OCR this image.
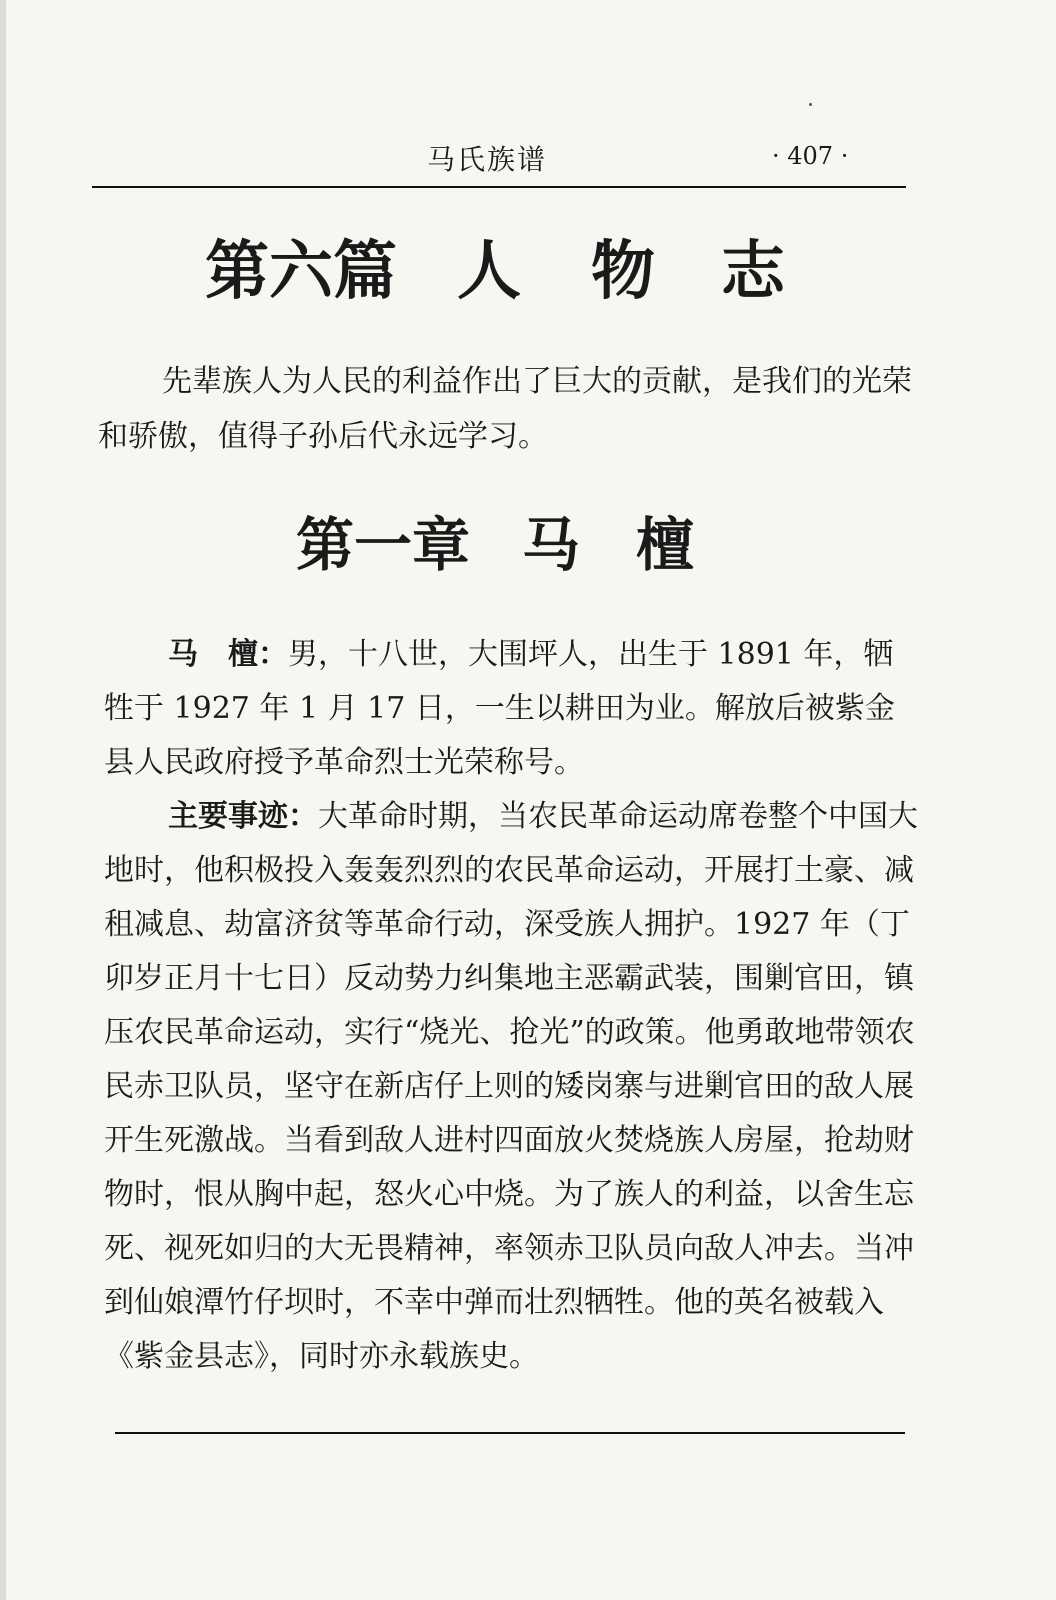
马氏族谱	· 407 ·
第六篇 人 物 志
先辈族人为人民的利益作出了巨大的贡献，是我们的光荣和骄傲，值得子孙后代永远学习。
第一章 马 檀
马　檀：男，十八世，大围坪人，出生于 1891 年，牺牲于 1927 年 1 月 17 日，一生以耕田为业。解放后被紫金县人民政府授予革命烈士光荣称号。
主要事迹：大革命时期，当农民革命运动席卷整个中国大地时，他积极投入轰轰烈烈的农民革命运动，开展打土豪、减租减息、劫富济贫等革命行动，深受族人拥护。1927 年（丁卯岁正月十七日）反动势力纠集地主恶霸武装，围剿官田，镇压农民革命运动，实行“烧光、抢光”的政策。他勇敢地带领农民赤卫队员，坚守在新店仔上则的矮岗寨与进剿官田的敌人展开生死激战。当看到敌人进村四面放火焚烧族人房屋，抢劫财物时，恨从胸中起，怒火心中烧。为了族人的利益，以舍生忘死、视死如归的大无畏精神，率领赤卫队员向敌人冲去。当冲到仙娘潭竹仔坝时，不幸中弹而壮烈牺牲。他的英名被载入《紫金县志》，同时亦永载族史。
